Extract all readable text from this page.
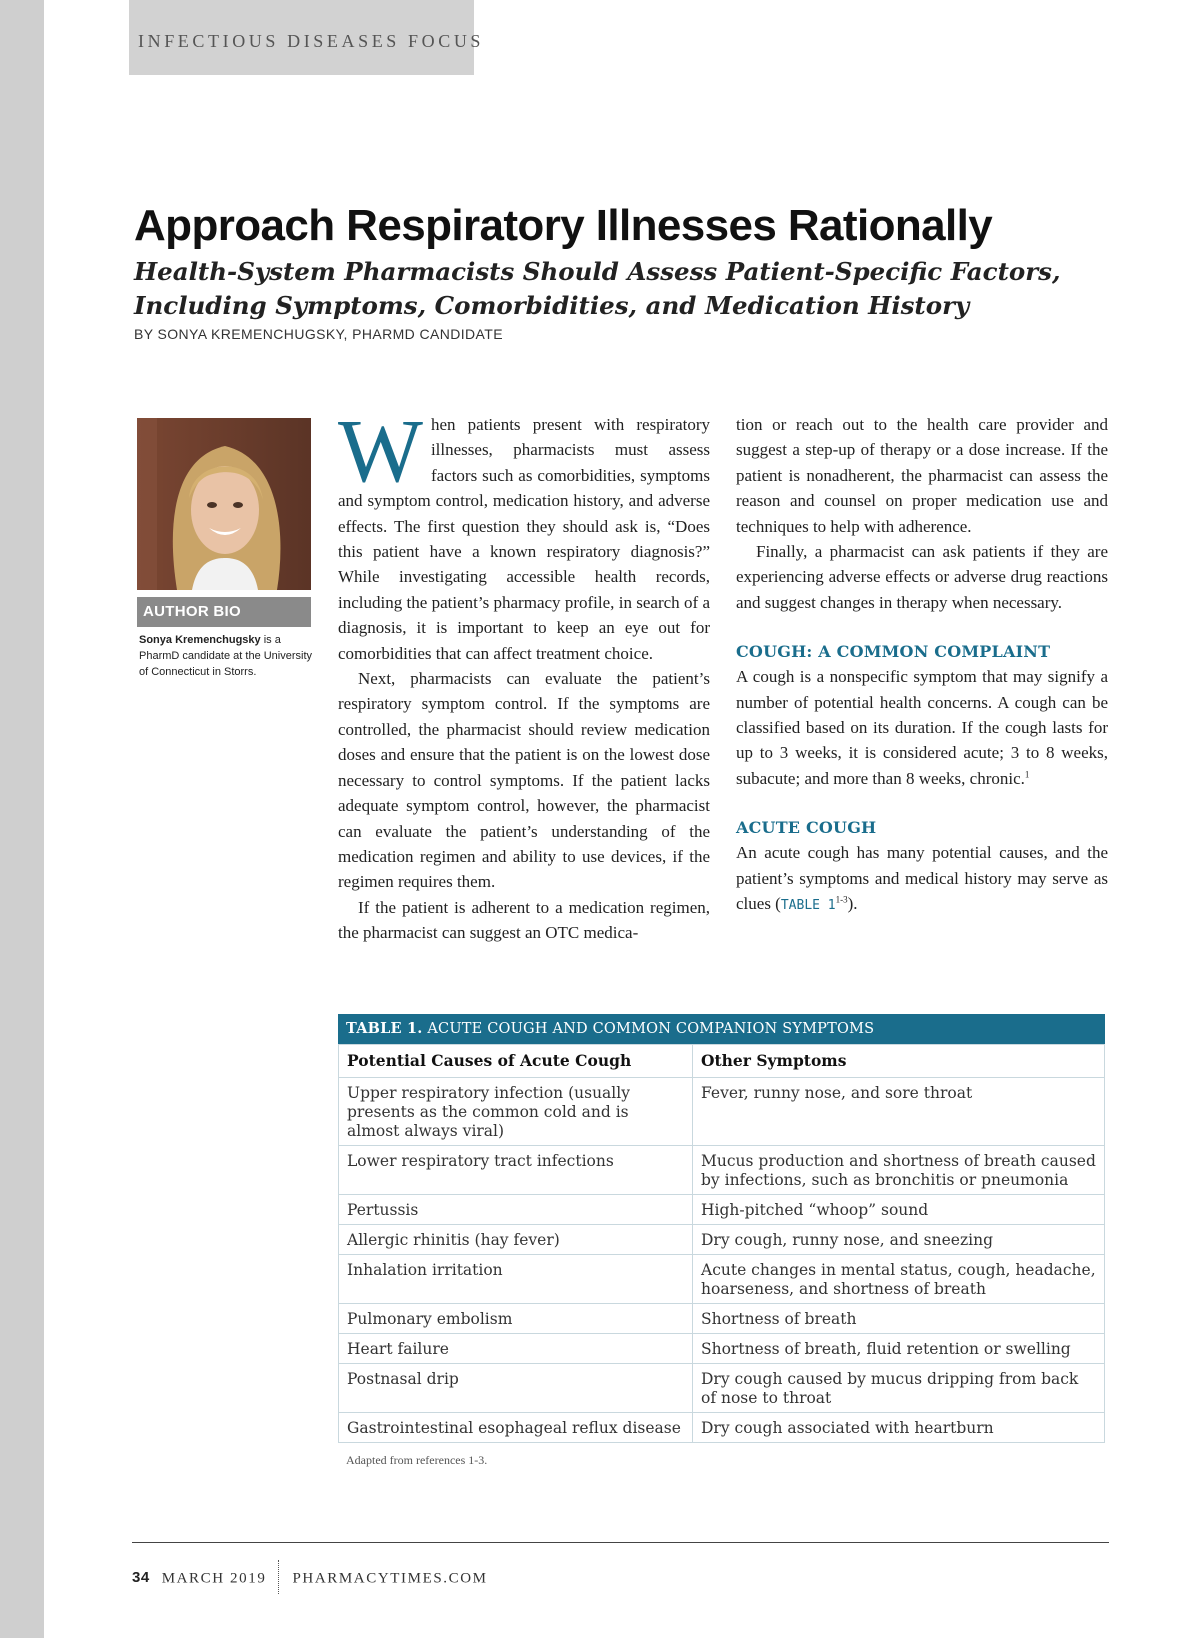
INFECTIOUS DISEASES FOCUS
Approach Respiratory Illnesses Rationally
Health-System Pharmacists Should Assess Patient-Specific Factors,
Including Symptoms, Comorbidities, and Medication History
BY SONYA KREMENCHUGSKY, PHARMD CANDIDATE
AUTHOR BIO
Sonya Kremenchugsky is a PharmD candidate at the University of Connecticut in Storrs.

When patients present with respiratory illnesses, pharmacists must assess factors such as comorbidities, symptoms and symptom control, medication history, and adverse effects. The first question they should ask is, “Does this patient have a known respiratory diagnosis?” While investigating accessible health records, including the patient’s pharmacy profile, in search of a diagnosis, it is important to keep an eye out for comorbidities that can affect treatment choice.

Next, pharmacists can evaluate the patient’s respiratory symptom control. If the symptoms are controlled, the pharmacist should review medication doses and ensure that the patient is on the lowest dose necessary to control symptoms. If the patient lacks adequate symptom control, however, the pharmacist can evaluate the patient’s understanding of the medication regimen and ability to use devices, if the regimen requires them.

If the patient is adherent to a medication regimen, the pharmacist can suggest an OTC medica-

tion or reach out to the health care provider and suggest a step-up of therapy or a dose increase. If the patient is nonadherent, the pharmacist can assess the reason and counsel on proper medication use and techniques to help with adherence.

Finally, a pharmacist can ask patients if they are experiencing adverse effects or adverse drug reactions and suggest changes in therapy when necessary.

COUGH: A COMMON COMPLAINT

A cough is a nonspecific symptom that may signify a number of potential health concerns. A cough can be classified based on its duration. If the cough lasts for up to 3 weeks, it is considered acute; 3 to 8 weeks, subacute; and more than 8 weeks, chronic.$^1$

ACUTE COUGH

An acute cough has many potential causes, and the patient’s symptoms and medical history may serve as clues (TABLE 1$^{1-3}$).

TABLE 1. ACUTE COUGH AND COMMON COMPANION SYMPTOMS
Potential Causes of Acute Cough	Other Symptoms
Upper respiratory infection (usually presents as the common cold and is almost always viral)	Fever, runny nose, and sore throat
Lower respiratory tract infections	Mucus production and shortness of breath caused by infections, such as bronchitis or pneumonia
Pertussis	High-pitched “whoop” sound
Allergic rhinitis (hay fever)	Dry cough, runny nose, and sneezing
Inhalation irritation	Acute changes in mental status, cough, headache, hoarseness, and shortness of breath
Pulmonary embolism	Shortness of breath
Heart failure	Shortness of breath, fluid retention or swelling
Postnasal drip	Dry cough caused by mucus dripping from back of nose to throat
Gastrointestinal esophageal reflux disease	Dry cough associated with heartburn
Adapted from references 1-3.
34 MARCH 2019 PHARMACYTIMES.COM
